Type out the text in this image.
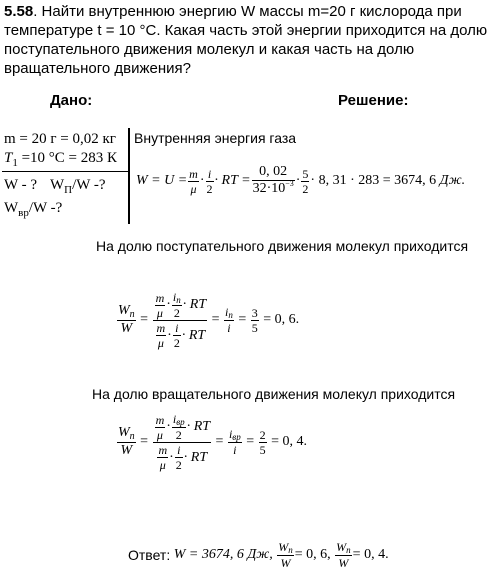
5.58. Найти внутреннюю энергию W массы m=20 г кислорода при
температуре t = 10 °C. Какая часть этой энергии приходится на долю
поступательного движения молекул и какая часть на долю
вращательного движения?
Дано:	Решение:
m = 20 г = 0,02 кг
$T_1 =10$ °C = 283 К
W - ? $W_П/W$ -?
$W_{вр}/W$ -?
Внутренняя энергия газа
$W = U = \frac{m}{\mu} \cdot \frac{i}{2}$ · RT = $\frac{0, 02}{32\cdot 10^{-3}} \cdot \frac{5}{2} \cdot 8$, 31 · 283 = 3674, 6
Дж.
На долю поступательного движения молекул приходится
$\frac{W_п}{W} = \frac{\frac{m}{\mu} \cdot \frac{iп}{2} \cdot RT}{\frac{m}{\mu} \cdot \frac{i}{2} \cdot RT} = \frac{iп}{i} = \frac{3}{5}$
= 0, 6.
На долю вращательного движения молекул приходится
$\frac{W_п}{W} = \frac{\frac{m}{\mu} \cdot \frac{\text{iвр}}{2} \cdot RT}{\frac{m}{\mu} \cdot \frac{i}{2} \cdot RT} = \frac{\text{iвр}}{i} = \frac{2}{5}$
= 0, 4.
Ответ:
W = 3674, 6
Дж,
$\frac{Wп}{W} = 0$, 6,
$\frac{Wп}{W} = 0$, 4.
